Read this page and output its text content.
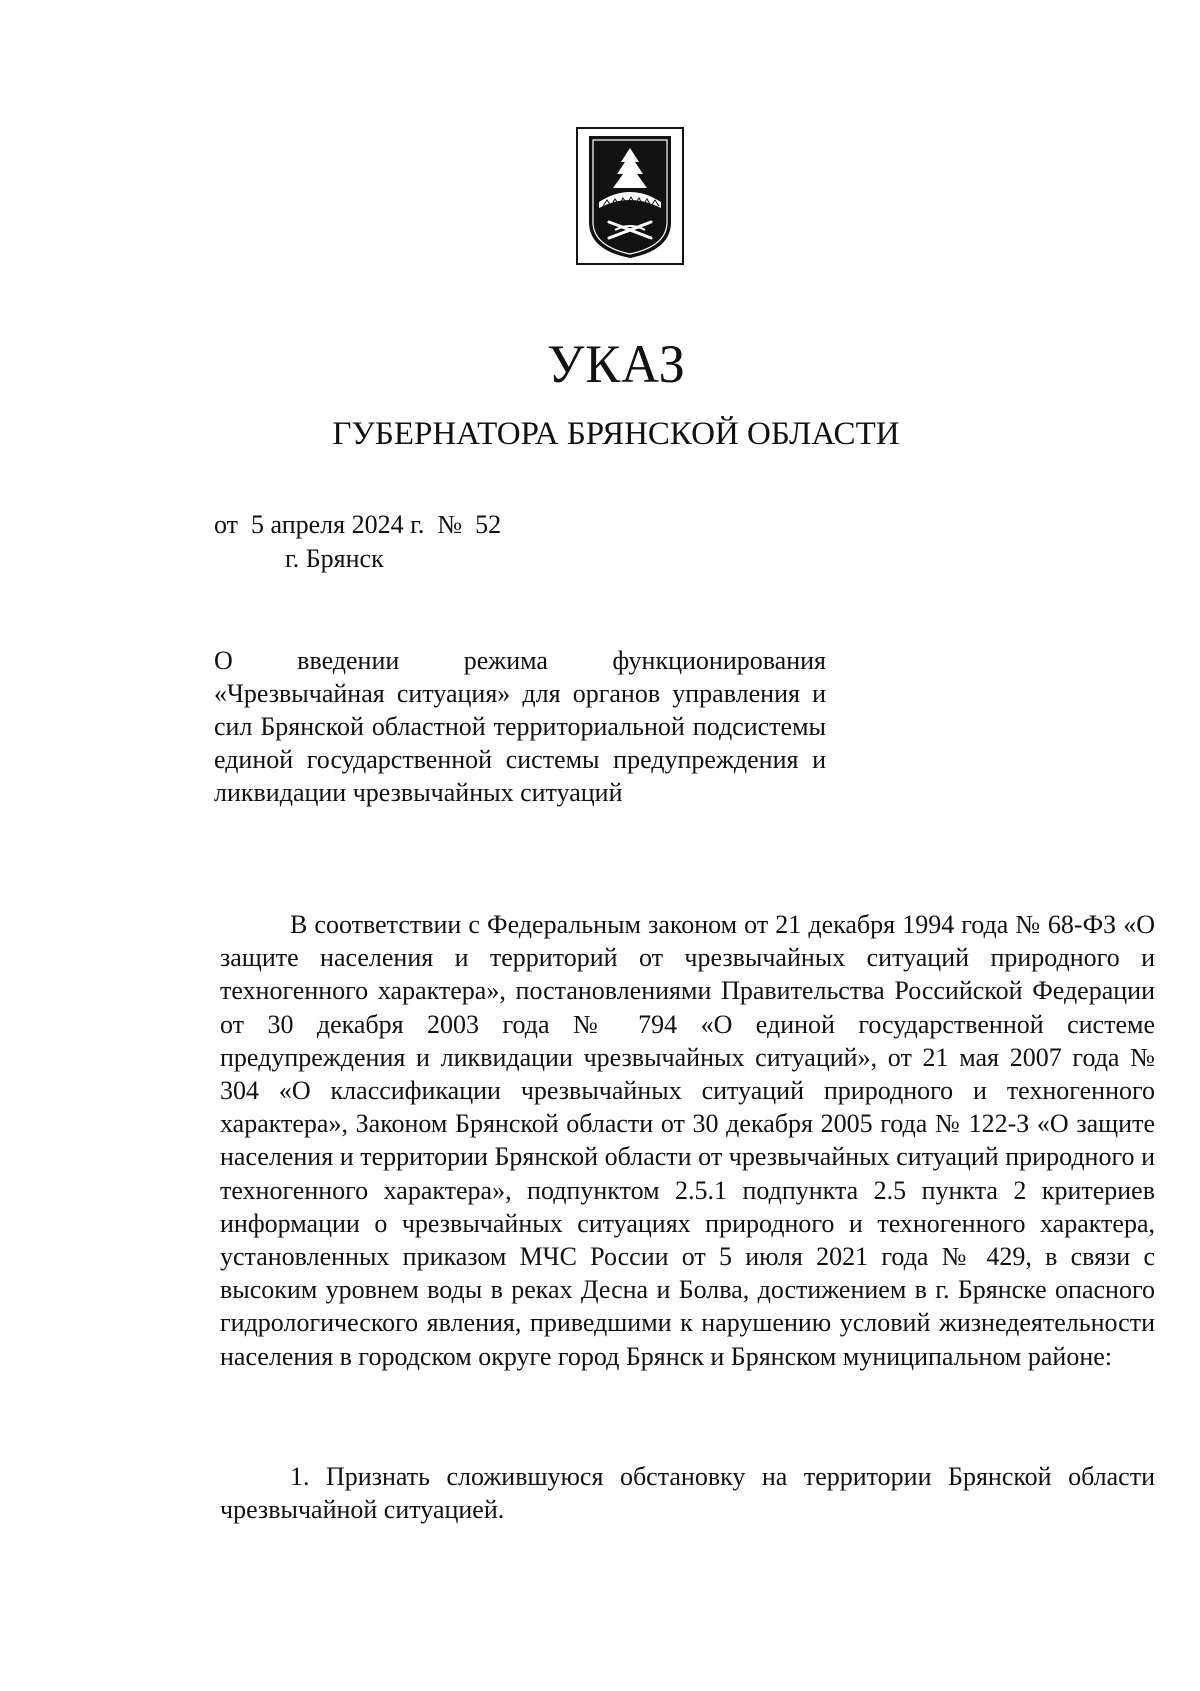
УКАЗ
ГУБЕРНАТОРА БРЯНСКОЙ ОБЛАСТИ
от  5 апреля 2024 г.  №  52
г. Брянск
О введении режима функционирования «Чрезвычайная ситуация» для органов управления и сил Брянской областной территориальной подсистемы единой государственной системы предупреждения и ликвидации чрезвычайных ситуаций
В соответствии с Федеральным законом от 21 декабря 1994 года № 68-ФЗ «О защите населения и территорий от чрезвычайных ситуаций природного и техногенного характера», постановлениями Правительства Российской Федерации от 30 декабря 2003 года № 794 «О единой государственной системе предупреждения и ликвидации чрезвычайных ситуаций», от 21 мая 2007 года № 304 «О классификации чрезвычайных ситуаций природного и техногенного характера», Законом Брянской области от 30 декабря 2005 года № 122-З «О защите населения и территории Брянской области от чрезвычайных ситуаций природного и техногенного характера», подпунктом 2.5.1 подпункта 2.5 пункта 2 критериев информации о чрезвычайных ситуациях природного и техногенного характера, установленных приказом МЧС России от 5 июля 2021 года № 429, в связи с высоким уровнем воды в реках Десна и Болва, достижением в г. Брянске опасного гидрологического явления, приведшими к нарушению условий жизнедеятельности населения в городском округе город Брянск и Брянском муниципальном районе:
1. Признать сложившуюся обстановку на территории Брянской области чрезвычайной ситуацией.
